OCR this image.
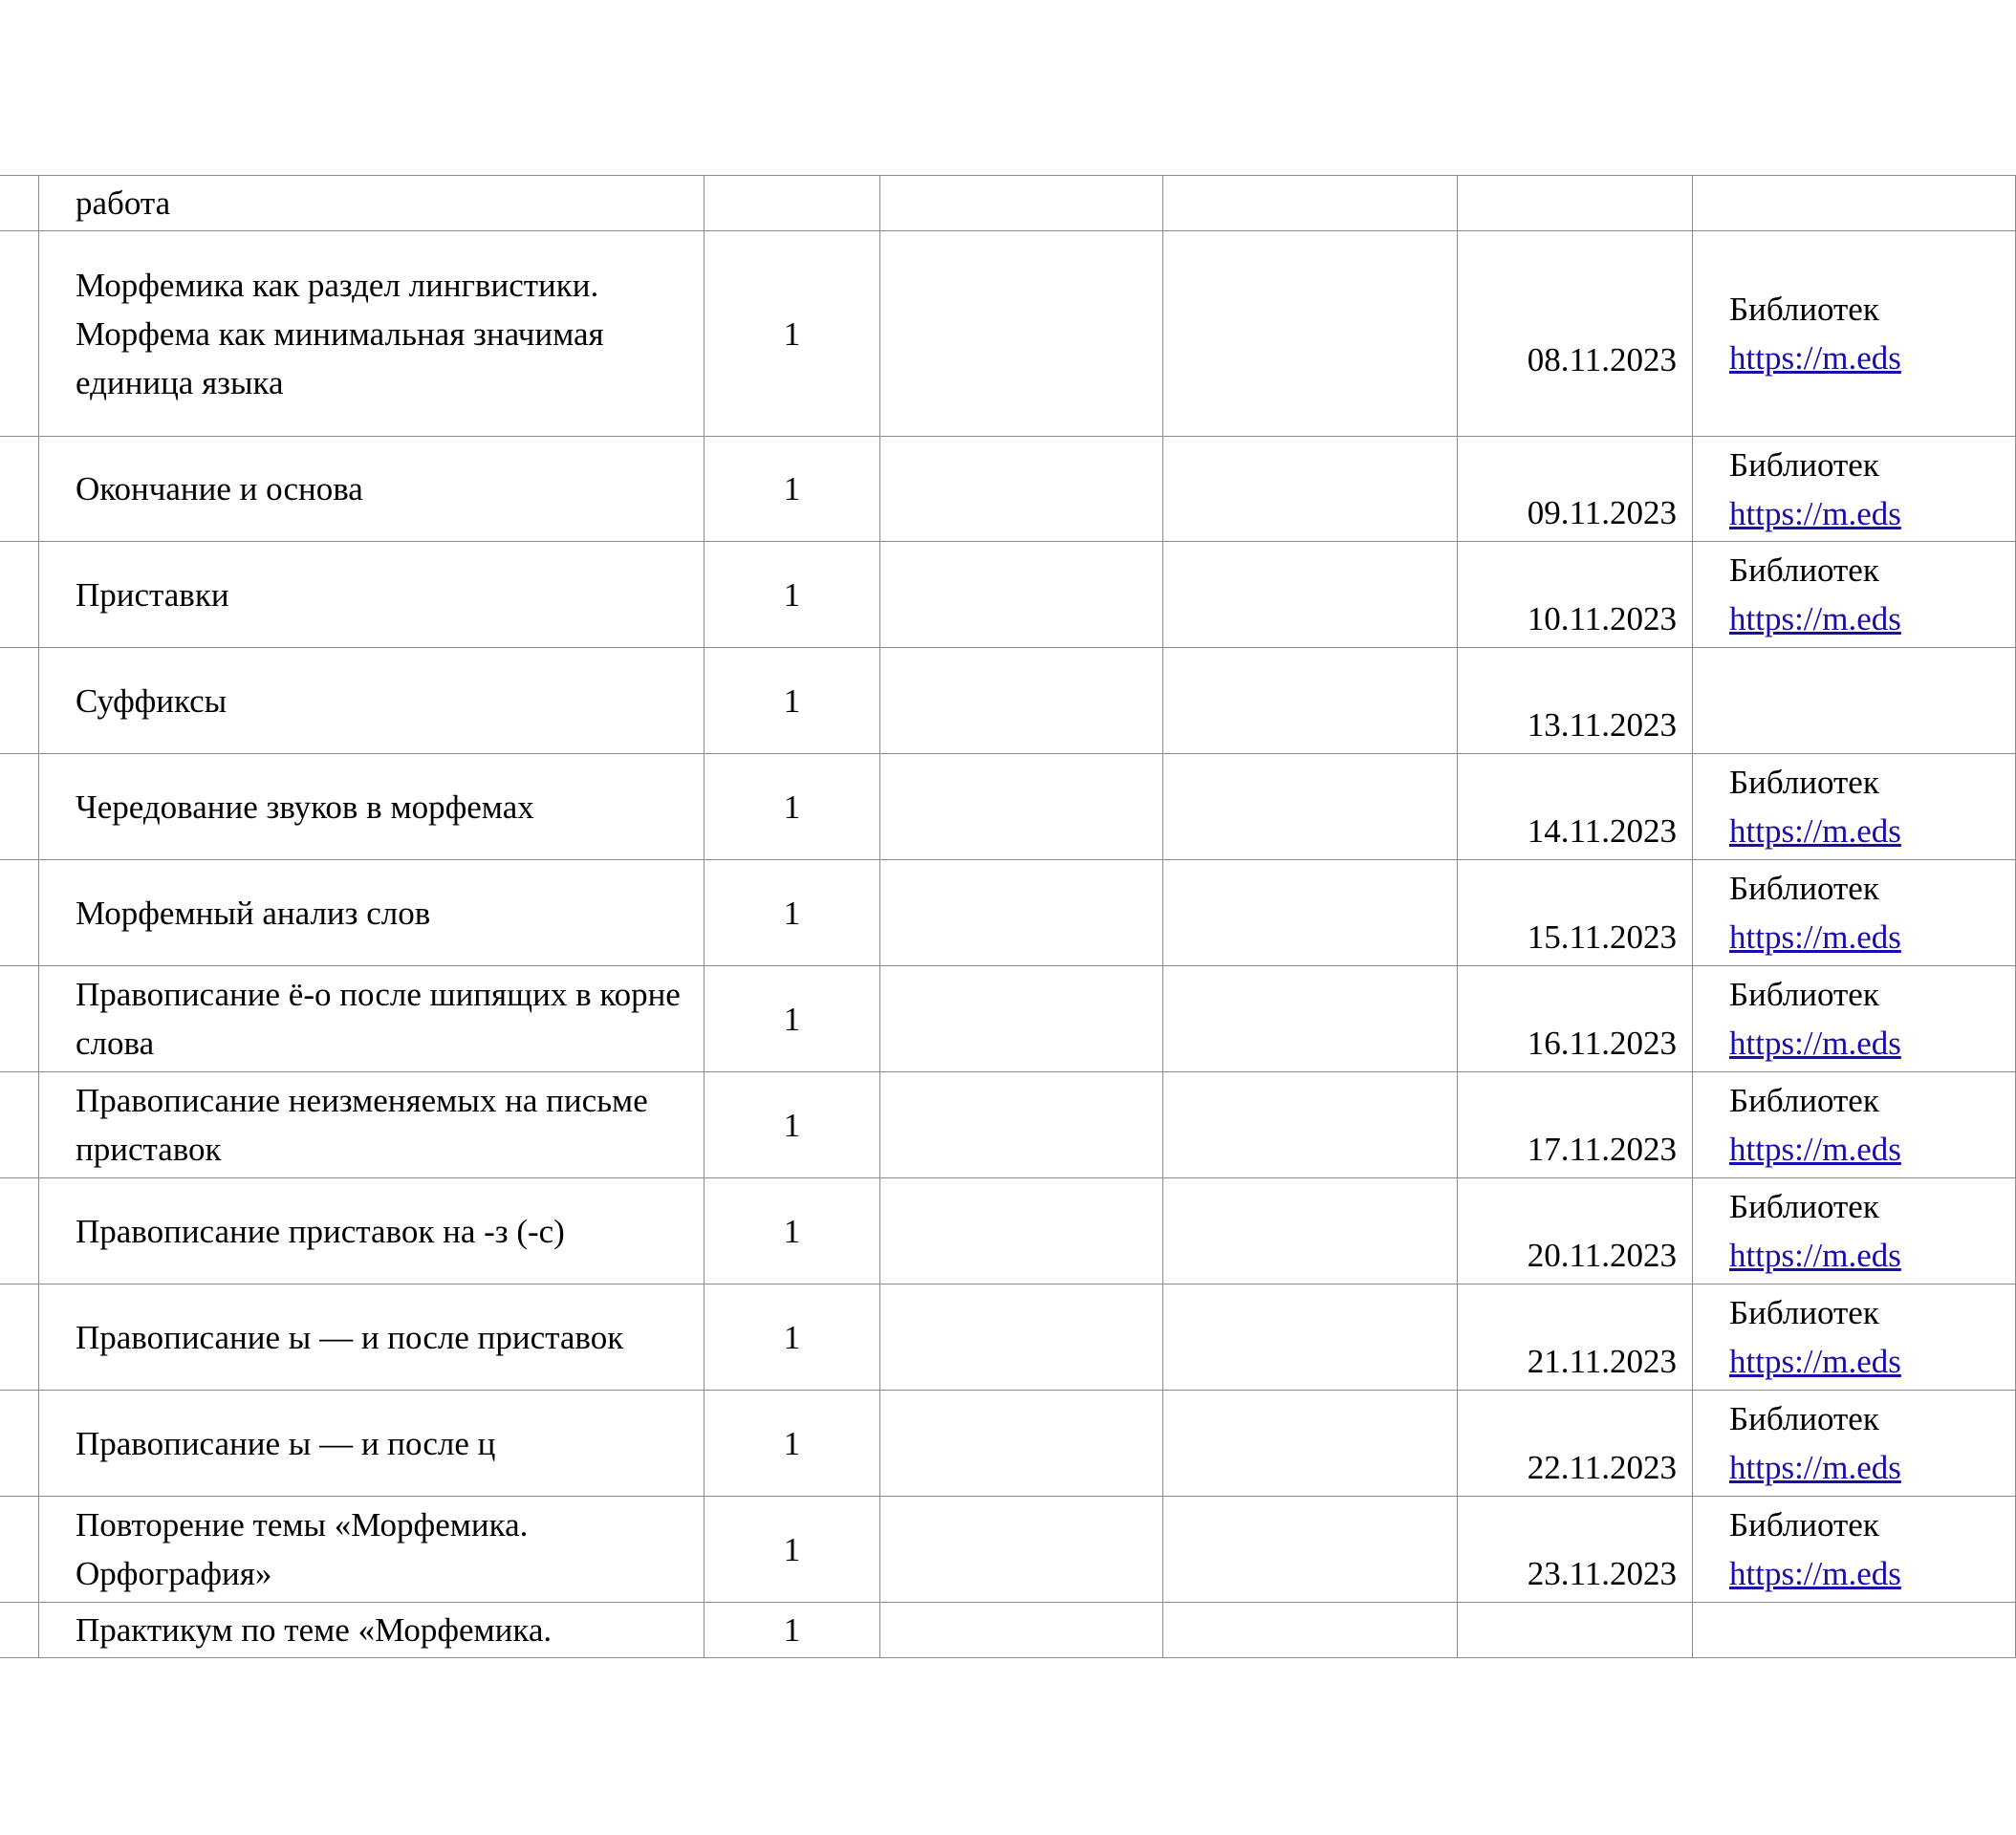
	работа					

	Морфемика как раздел лингвистики. Морфема как минимальная значимая единица языка	1			08.11.2023	Библиотек
https://m.eds

	Окончание и основа	1			09.11.2023	Библиотек
https://m.eds

	Приставки	1			10.11.2023	Библиотек
https://m.eds

	Суффиксы	1			13.11.2023	

	Чередование звуков в морфемах	1			14.11.2023	Библиотек
https://m.eds

	Морфемный анализ слов	1			15.11.2023	Библиотек
https://m.eds

	Правописание ё-о после шипящих в корне слова	1			16.11.2023	Библиотек
https://m.eds

	Правописание неизменяемых на письме приставок	1			17.11.2023	Библиотек
https://m.eds

	Правописание приставок на -з (-с)	1			20.11.2023	Библиотек
https://m.eds

	Правописание ы — и после приставок	1			21.11.2023	Библиотек
https://m.eds

	Правописание ы — и после ц	1			22.11.2023	Библиотек
https://m.eds

	Повторение темы «Морфемика. Орфография»	1			23.11.2023	Библиотек
https://m.eds

	Практикум по теме «Морфемика.	1				
